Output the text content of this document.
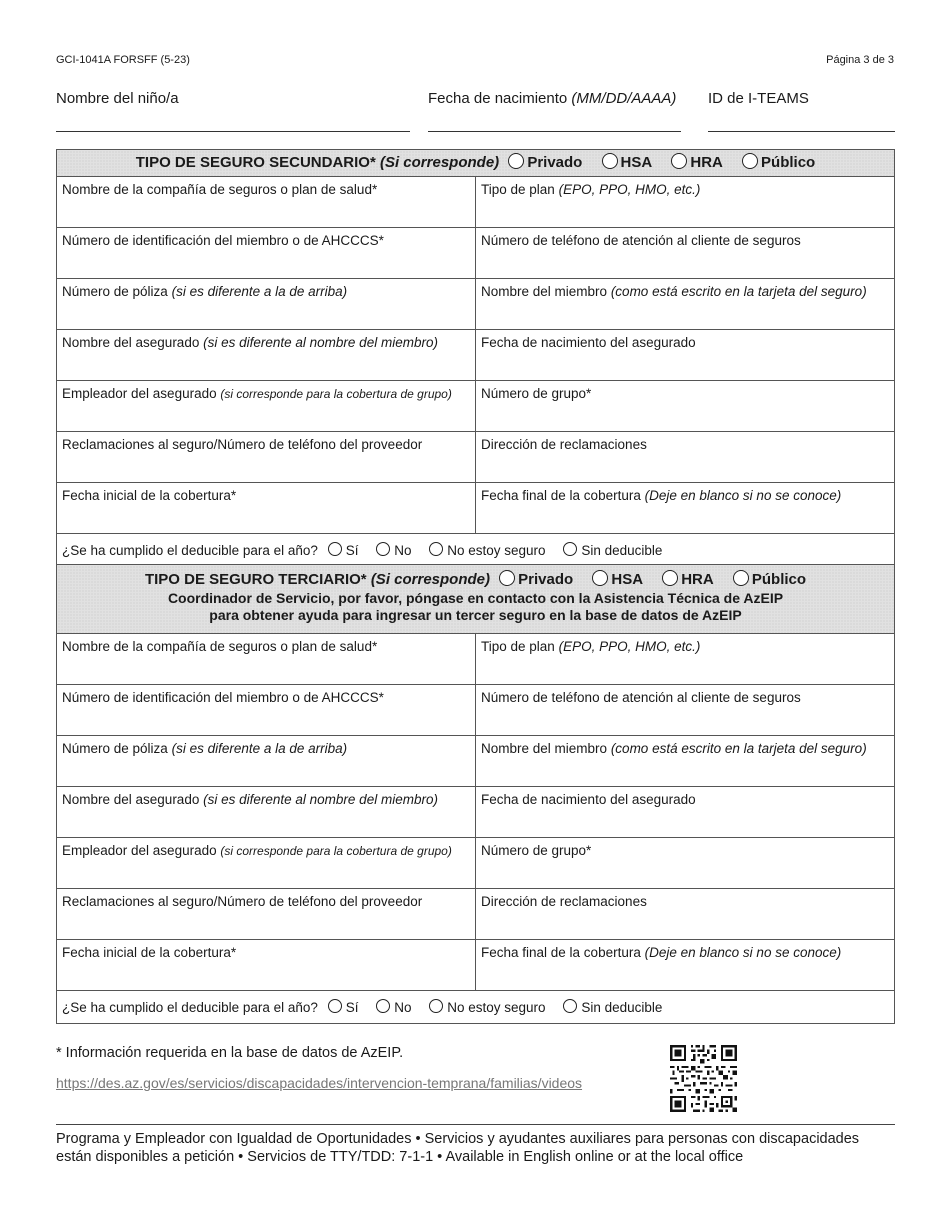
GCI-1041A FORSFF (5-23)	Página 3 de 3
Nombre del niño/a	Fecha de nacimiento (MM/DD/AAAA) ID de I-TEAMS
TIPO DE SEGURO SECUNDARIO* (Si corresponde) Privado HSA HRA Público	
Nombre de la compañía de seguros o plan de salud*	Tipo de plan (EPO, PPO, HMO, etc.)
Número de identificación del miembro o de AHCCCS*	Número de teléfono de atención al cliente de seguros
Número de póliza (si es diferente a la de arriba)	Nombre del miembro (como está escrito en la tarjeta del seguro)
Nombre del asegurado (si es diferente al nombre del miembro)	Fecha de nacimiento del asegurado
Empleador del asegurado (si corresponde para la cobertura de grupo)	Número de grupo*
Reclamaciones al seguro/Número de teléfono del proveedor	Dirección de reclamaciones
Fecha inicial de la cobertura*	Fecha final de la cobertura (Deje en blanco si no se conoce)
¿Se ha cumplido el deducible para el año? Sí No No estoy seguro Sin deducible	
TIPO DE SEGURO TERCIARIO* (Si corresponde) Privado HSA HRA Público
Coordinador de Servicio, por favor, póngase en contacto con la Asistencia Técnica de AzEIP
para obtener ayuda para ingresar un tercer seguro en la base de datos de AzEIP	

Nombre de la compañía de seguros o plan de salud*	Tipo de plan (EPO, PPO, HMO, etc.)
Número de identificación del miembro o de AHCCCS*	Número de teléfono de atención al cliente de seguros
Número de póliza (si es diferente a la de arriba)	Nombre del miembro (como está escrito en la tarjeta del seguro)
Nombre del asegurado (si es diferente al nombre del miembro)	Fecha de nacimiento del asegurado
Empleador del asegurado (si corresponde para la cobertura de grupo)	Número de grupo*
Reclamaciones al seguro/Número de teléfono del proveedor	Dirección de reclamaciones
Fecha inicial de la cobertura*	Fecha final de la cobertura (Deje en blanco si no se conoce)
¿Se ha cumplido el deducible para el año? Sí No No estoy seguro Sin deducible	
* Información requerida en la base de datos de AzEIP.
https://des.az.gov/es/servicios/discapacidades/intervencion-temprana/familias/videos
Programa y Empleador con Igualdad de Oportunidades • Servicios y ayudantes auxiliares para personas con discapacidades están disponibles a petición • Servicios de TTY/TDD: 7-1-1 • Available in English online or at the local office
